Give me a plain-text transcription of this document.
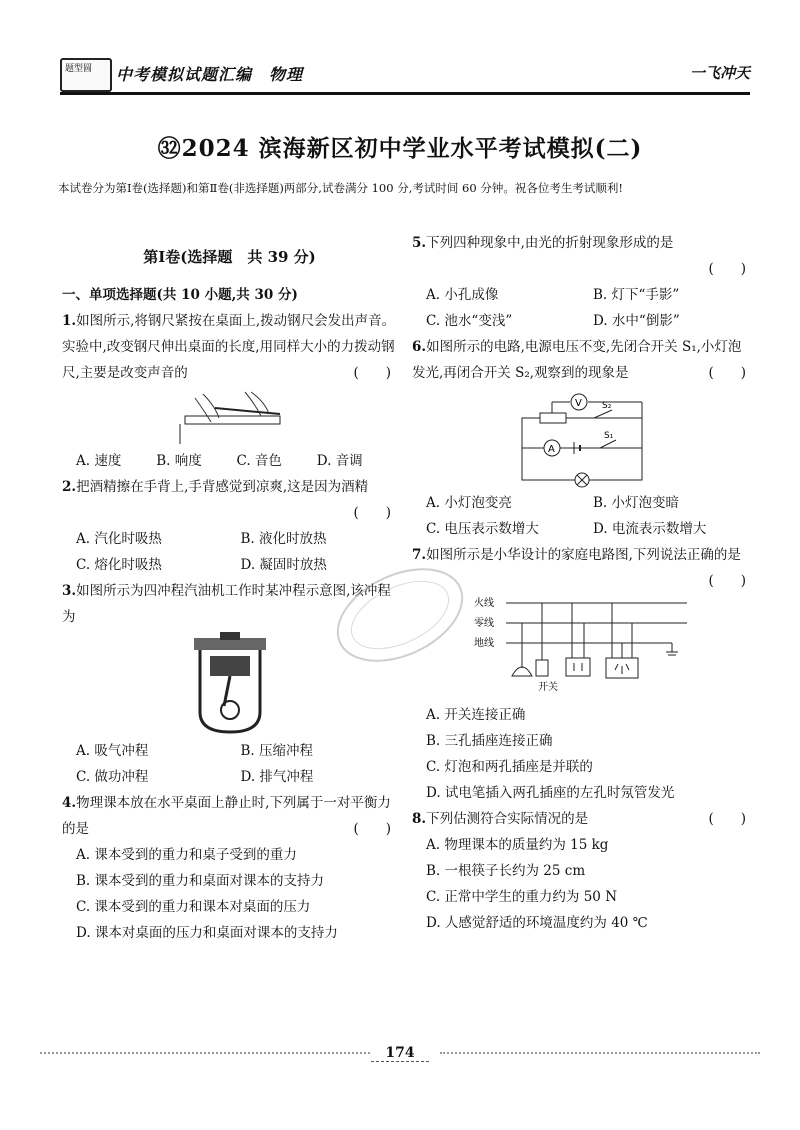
题型圆 中考模拟试题汇编　物理	一飞冲天
㉜2024 滨海新区初中学业水平考试模拟(二)
本试卷分为第Ⅰ卷(选择题)和第Ⅱ卷(非选择题)两部分,试卷满分 100 分,考试时间 60 分钟。祝各位考生考试顺利!
第Ⅰ卷(选择题　共 39 分)
一、单项选择题(共 10 小题,共 30 分)
1.如图所示,将钢尺紧按在桌面上,拨动钢尺会发出声音。实验中,改变钢尺伸出桌面的长度,用同样大小的力拨动钢尺,主要是改变声音的	(　　)
A. 速度	B. 响度	C. 音色	D. 音调
2.把酒精擦在手背上,手背感觉到凉爽,这是因为酒精
(　　)
A. 汽化时吸热	B. 液化时放热
C. 熔化时吸热	D. 凝固时放热
3.如图所示为四冲程汽油机工作时某冲程示意图,该冲程为
A. 吸气冲程	B. 压缩冲程
C. 做功冲程	D. 排气冲程
4.物理课本放在水平桌面上静止时,下列属于一对平衡力的是	(　　)
A. 课本受到的重力和桌子受到的重力
B. 课本受到的重力和桌面对课本的支持力
C. 课本受到的重力和课本对桌面的压力
D. 课本对桌面的压力和桌面对课本的支持力
5.下列四种现象中,由光的折射现象形成的是
(　　)
A. 小孔成像	B. 灯下“手影”
C. 池水“变浅”	D. 水中“倒影”
6.如图所示的电路,电源电压不变,先闭合开关 S₁,小灯泡发光,再闭合开关 S₂,观察到的现象是	(　　)
V S₂
A
S₁
A. 小灯泡变亮	B. 小灯泡变暗
C. 电压表示数增大	D. 电流表示数增大
7.如图所示是小华设计的家庭电路图,下列说法正确的是
(　　)
火线
零线
地线
开关
A. 开关连接正确
B. 三孔插座连接正确
C. 灯泡和两孔插座是并联的
D. 试电笔插入两孔插座的左孔时氖管发光
8.下列估测符合实际情况的是	(　　)
A. 物理课本的质量约为 15 kg
B. 一根筷子长约为 25 cm
C. 正常中学生的重力约为 50 N
D. 人感觉舒适的环境温度约为 40 ℃
174
